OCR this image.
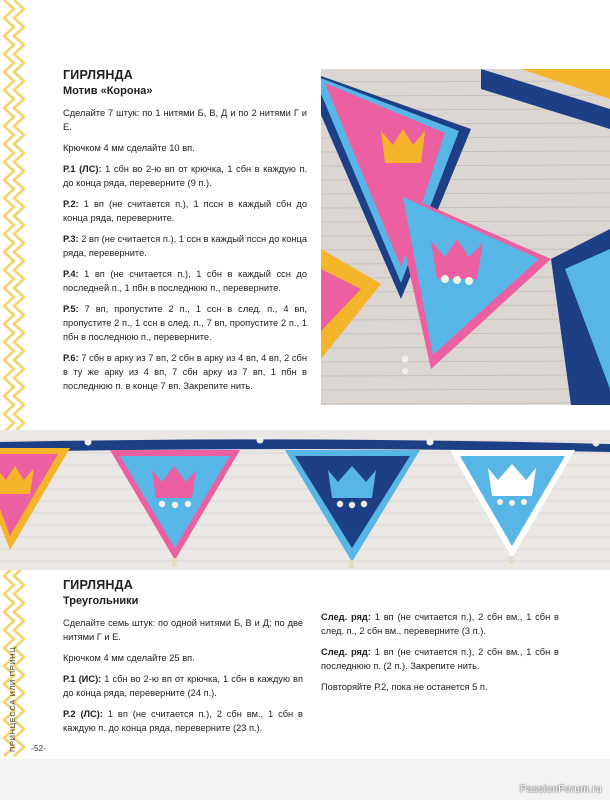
ГИРЛЯНДА
Мотив «Корона»

Сделайте 7 штук: по 1 нитями Б, В, Д и по 2 нитями Г и Е.

Крючком 4 мм сделайте 10 вп.

Р.1 (ЛС): 1 сбн во 2-ю вп от крючка, 1 сбн в каждую п. до конца ряда, переверните (9 п.).

Р.2: 1 вп (не считается п.), 1 пссн в каждый сбн до конца ряда, переверните.

Р.3: 2 вп (не считается п.), 1 ссн в каждый пссн до конца ряда, переверните.

Р.4: 1 вп (не считается п.), 1 сбн в каждый ссн до последней п., 1 пбн в последнюю п., переверните.

Р.5: 7 вп, пропустите 2 п., 1 ссн в след. п., 4 вп, пропустите 2 п., 1 ссн в след. п., 7 вп, пропустите 2 п., 1 пбн в последнюю п., переверните.

Р.6: 7 сбн в арку из 7 вп, 2 сбн в арку из 4 вп, 4 вп, 2 сбн в ту же арку из 4 вп, 7 сбн арку из 7 вп, 1 пбн в последнюю п. в конце 7 вп. Закрепите нить.

ГИРЛЯНДА
Треугольники

Сделайте семь штук: по одной нитями Б, В и Д; по две нитями Г и Е.

Крючком 4 мм сделайте 25 вп.

Р.1 (ИС): 1 сбн во 2-ю вп от крючка, 1 сбн в каждую вп до конца ряда, переверните (24 п.).

Р.2 (ЛС): 1 вп (не считается п.), 2 сбн вм., 1 сбн в каждую п. до конца ряда, переверните (23 п.).

След. ряд: 1 вп (не считается п.), 2 сбн вм., 1 сбн в след. п., 2 сбн вм., переверните (3 п.).

След. ряд: 1 вп (не считается п.), 2 сбн вм., 1 сбн в последнюю п. (2 п.). Закрепите нить.

Повторяйте Р.2, пока не останется 5 п.

ПРИНЦЕССА ИЛИ ПРИНЦ -52-
PassionForum.ru
